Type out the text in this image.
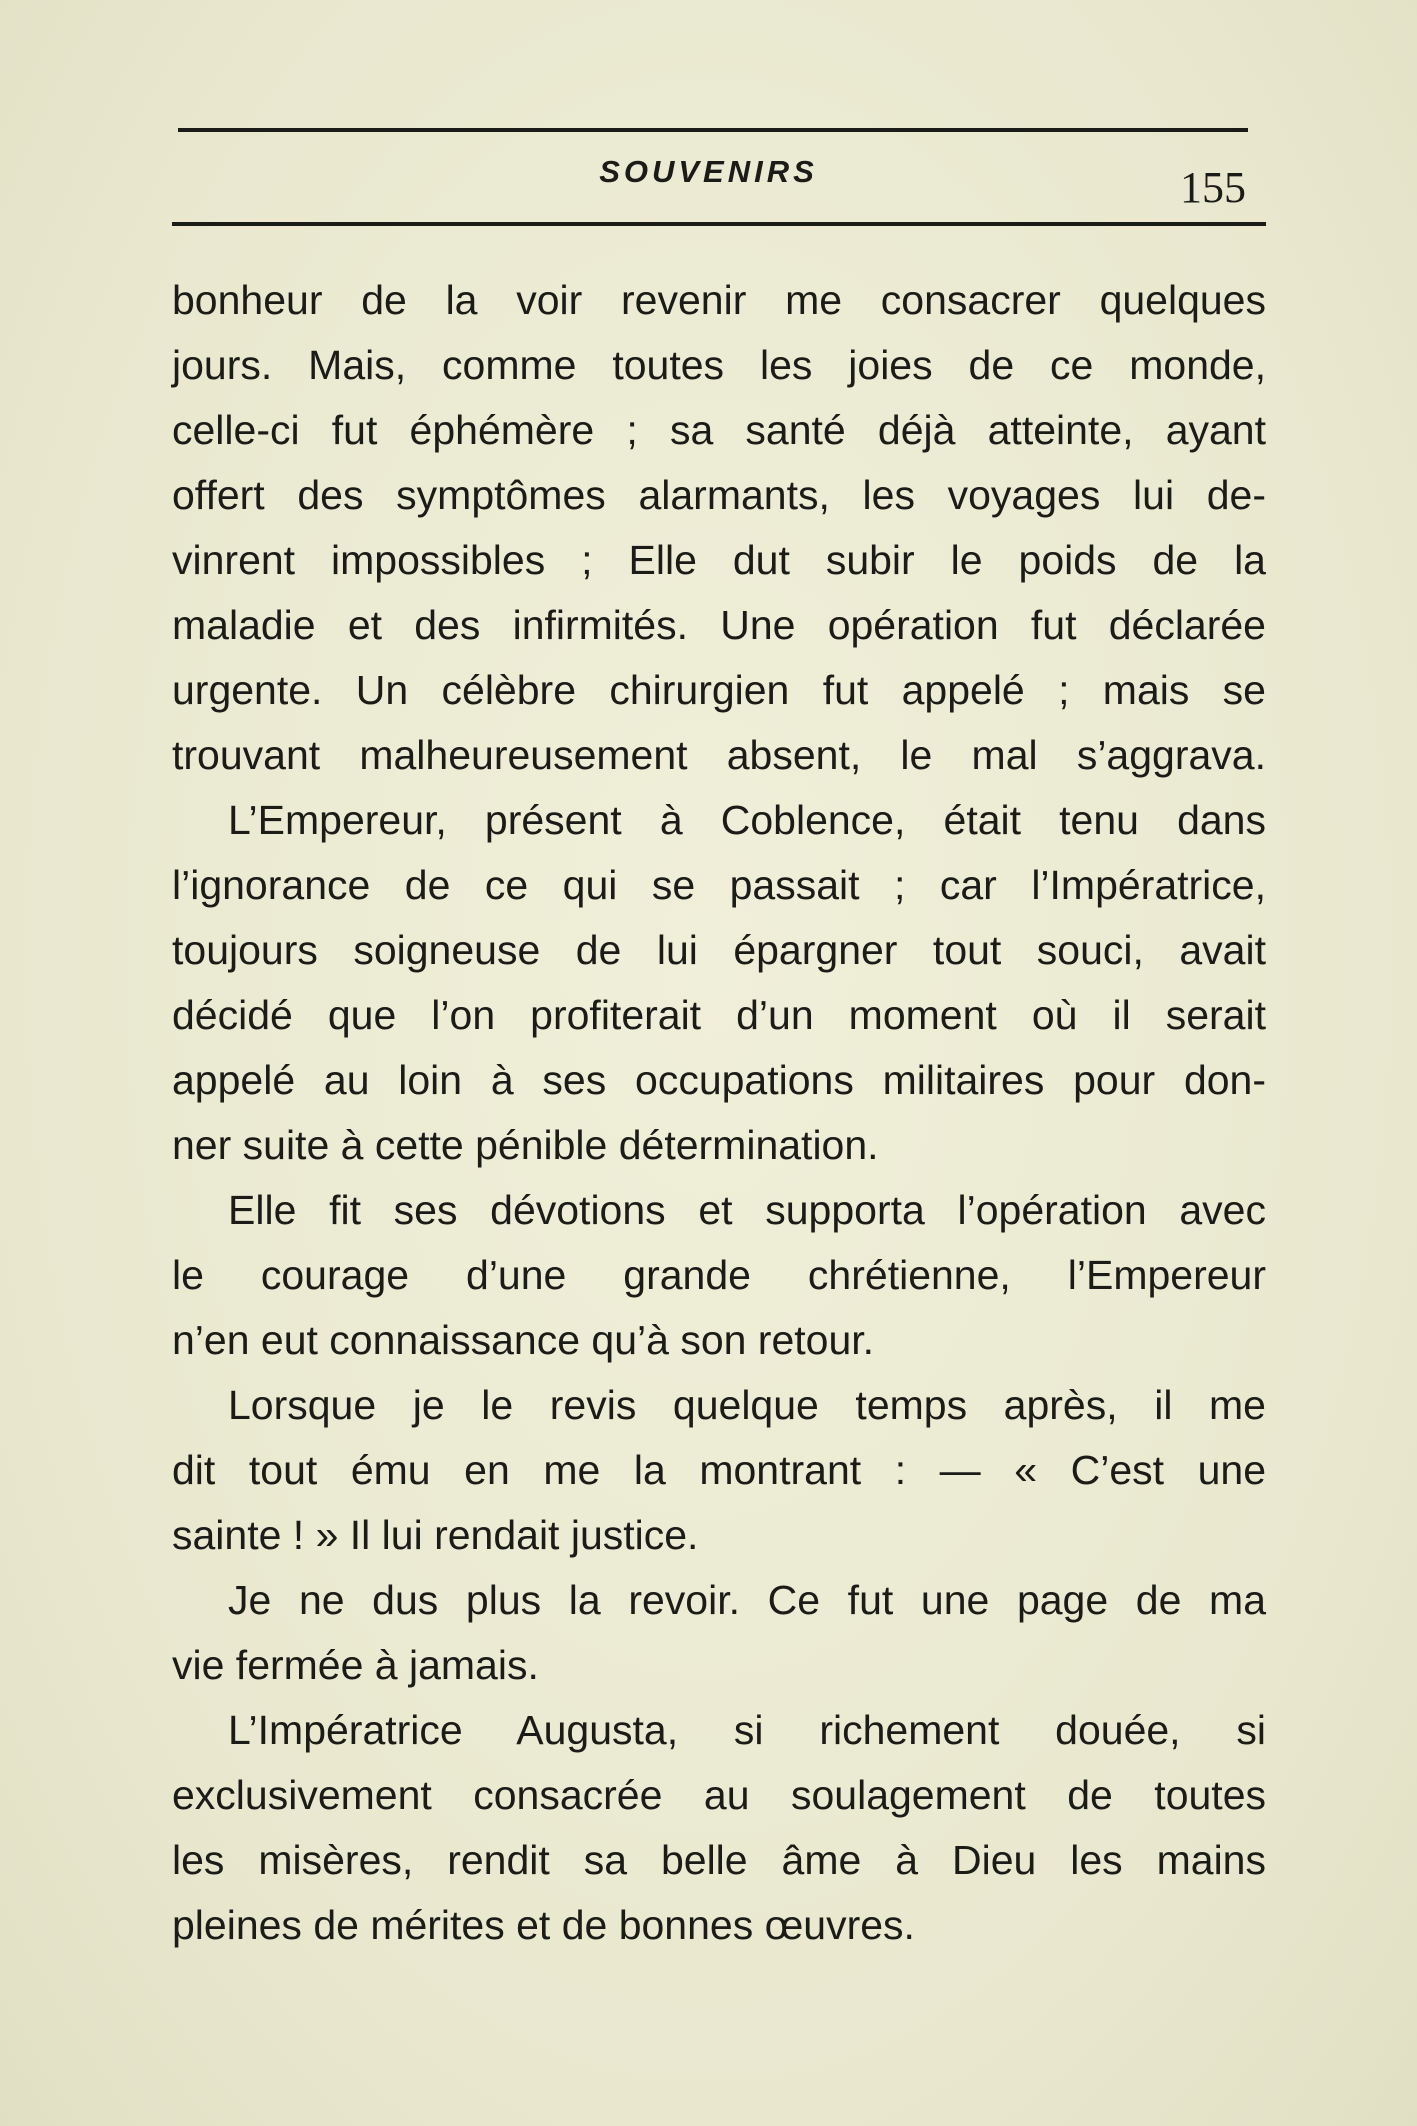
SOUVENIRS	155
bonheur de la voir revenir me consacrer quelques
jours. Mais, comme toutes les joies de ce monde,
celle-ci fut éphémère ; sa santé déjà atteinte, ayant
offert des symptômes alarmants, les voyages lui de-
vinrent impossibles ; Elle dut subir le poids de la
maladie et des infirmités. Une opération fut déclarée
urgente. Un célèbre chirurgien fut appelé ; mais se
trouvant malheureusement absent, le mal s’aggrava.
L’Empereur, présent à Coblence, était tenu dans
l’ignorance de ce qui se passait ; car l’Impératrice,
toujours soigneuse de lui épargner tout souci, avait
décidé que l’on profiterait d’un moment où il serait
appelé au loin à ses occupations militaires pour don-
ner suite à cette pénible détermination.
Elle fit ses dévotions et supporta l’opération avec
le courage d’une grande chrétienne, l’Empereur
n’en eut connaissance qu’à son retour.
Lorsque je le revis quelque temps après, il me
dit tout ému en me la montrant : — « C’est une
sainte ! » Il lui rendait justice.
Je ne dus plus la revoir. Ce fut une page de ma
vie fermée à jamais.
L’Impératrice Augusta, si richement douée, si
exclusivement consacrée au soulagement de toutes
les misères, rendit sa belle âme à Dieu les mains
pleines de mérites et de bonnes œuvres.
